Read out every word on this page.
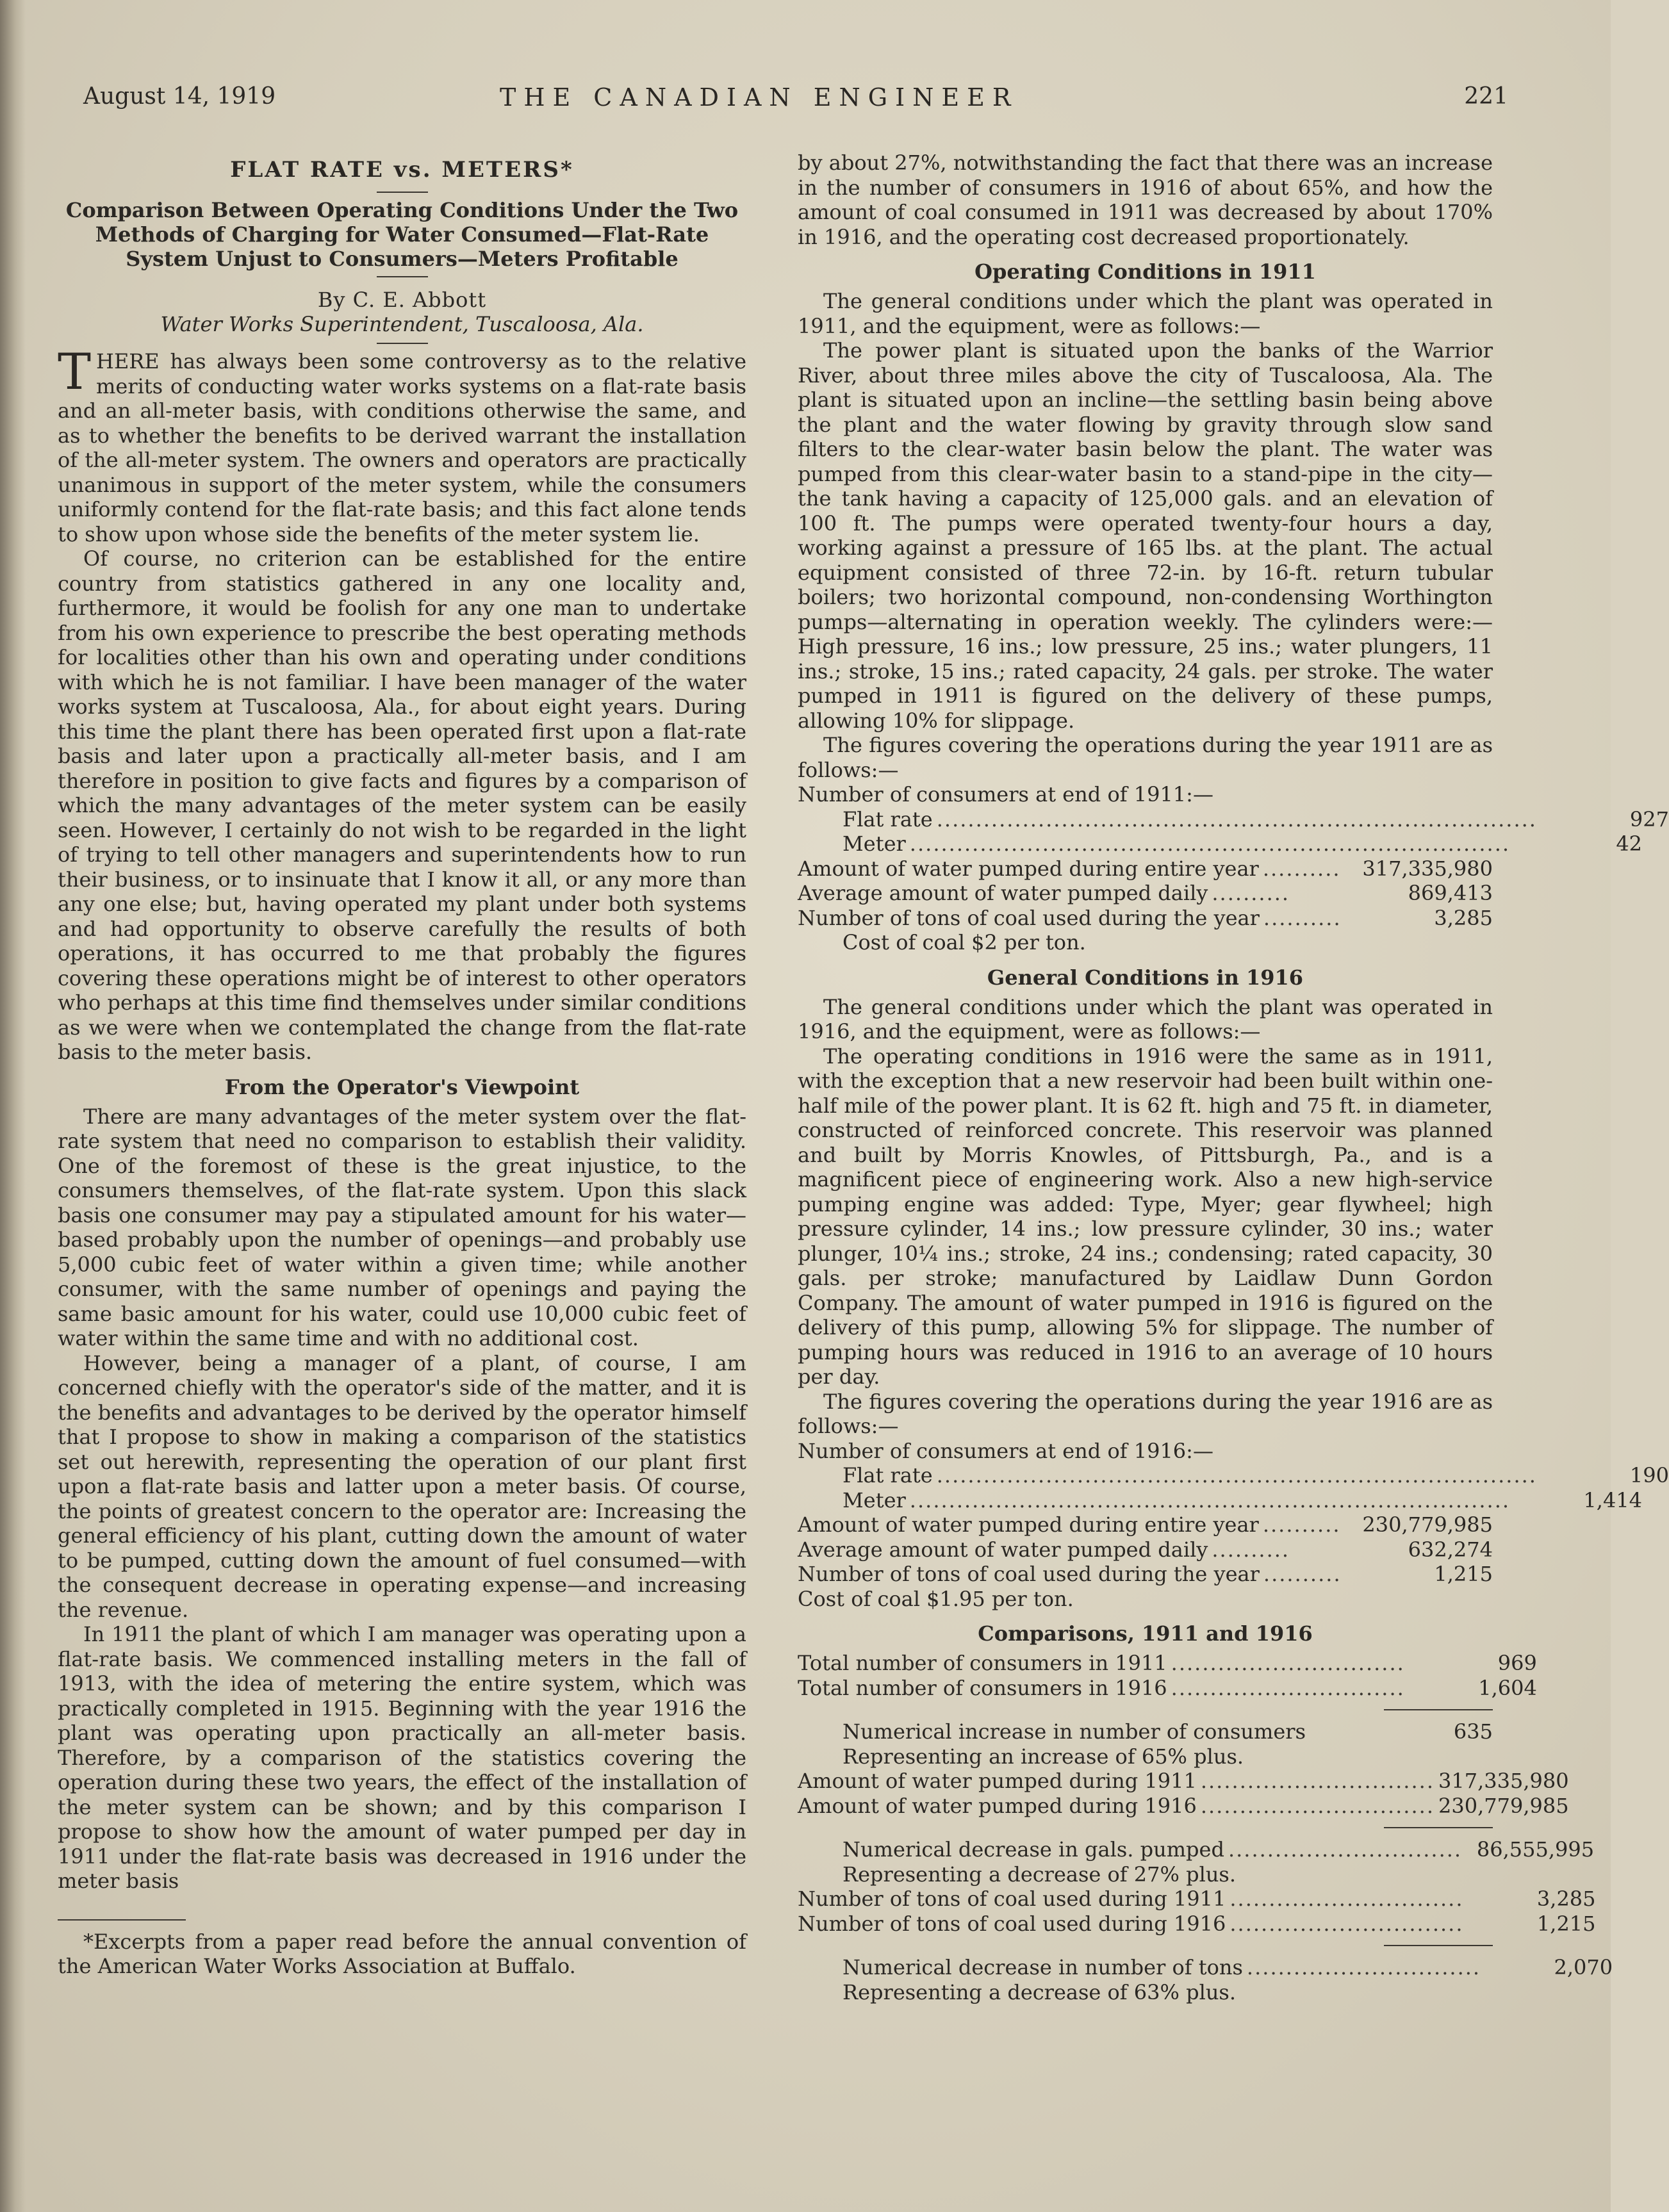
August 14, 1919	THE CANADIAN ENGINEER	221
FLAT RATE vs. METERS*
Comparison Between Operating Conditions Under the Two Methods of Charging for Water Consumed—Flat-Rate System Unjust to Consumers—Meters Profitable
By C. E. Abbott
Water Works Superintendent, Tuscaloosa, Ala.

THERE has always been some controversy as to the relative merits of conducting water works systems on a flat-rate basis and an all-meter basis, with conditions otherwise the same, and as to whether the benefits to be derived warrant the installation of the all-meter system. The owners and operators are practically unanimous in support of the meter system, while the consumers uniformly contend for the flat-rate basis; and this fact alone tends to show upon whose side the benefits of the meter system lie.

Of course, no criterion can be established for the entire country from statistics gathered in any one locality and, furthermore, it would be foolish for any one man to undertake from his own experience to prescribe the best operating methods for localities other than his own and operating under conditions with which he is not familiar. I have been manager of the water works system at Tuscaloosa, Ala., for about eight years. During this time the plant there has been operated first upon a flat-rate basis and later upon a practically all-meter basis, and I am therefore in position to give facts and figures by a comparison of which the many advantages of the meter system can be easily seen. However, I certainly do not wish to be regarded in the light of trying to tell other managers and superintendents how to run their business, or to insinuate that I know it all, or any more than any one else; but, having operated my plant under both systems and had opportunity to observe carefully the results of both operations, it has occurred to me that probably the figures covering these operations might be of interest to other operators who perhaps at this time find themselves under similar conditions as we were when we contemplated the change from the flat-rate basis to the meter basis.

From the Operator's Viewpoint

There are many advantages of the meter system over the flat-rate system that need no comparison to establish their validity. One of the foremost of these is the great injustice, to the consumers themselves, of the flat-rate system. Upon this slack basis one consumer may pay a stipulated amount for his water—based probably upon the number of openings—and probably use 5,000 cubic feet of water within a given time; while another consumer, with the same number of openings and paying the same basic amount for his water, could use 10,000 cubic feet of water within the same time and with no additional cost.

However, being a manager of a plant, of course, I am concerned chiefly with the operator's side of the matter, and it is the benefits and advantages to be derived by the operator himself that I propose to show in making a comparison of the statistics set out herewith, representing the operation of our plant first upon a flat-rate basis and latter upon a meter basis. Of course, the points of greatest concern to the operator are: Increasing the general efficiency of his plant, cutting down the amount of water to be pumped, cutting down the amount of fuel consumed—with the consequent decrease in operating expense—and increasing the revenue.

In 1911 the plant of which I am manager was operating upon a flat-rate basis. We commenced installing meters in the fall of 1913, with the idea of metering the entire system, which was practically completed in 1915. Beginning with the year 1916 the plant was operating upon practically an all-meter basis. Therefore, by a comparison of the statistics covering the operation during these two years, the effect of the installation of the meter system can be shown; and by this comparison I propose to show how the amount of water pumped per day in 1911 under the flat-rate basis was decreased in 1916 under the meter basis

*Excerpts from a paper read before the annual convention of the American Water Works Association at Buffalo.

by about 27%, notwithstanding the fact that there was an increase in the number of consumers in 1916 of about 65%, and how the amount of coal consumed in 1911 was decreased by about 170% in 1916, and the operating cost decreased proportionately.

Operating Conditions in 1911

The general conditions under which the plant was operated in 1911, and the equipment, were as follows:—

The power plant is situated upon the banks of the Warrior River, about three miles above the city of Tuscaloosa, Ala. The plant is situated upon an incline—the settling basin being above the plant and the water flowing by gravity through slow sand filters to the clear-water basin below the plant. The water was pumped from this clear-water basin to a stand-pipe in the city—the tank having a capacity of 125,000 gals. and an elevation of 100 ft. The pumps were operated twenty-four hours a day, working against a pressure of 165 lbs. at the plant. The actual equipment consisted of three 72-in. by 16-ft. return tubular boilers; two horizontal compound, non-condensing Worthington pumps—alternating in operation weekly. The cylinders were:—High pressure, 16 ins.; low pressure, 25 ins.; water plungers, 11 ins.; stroke, 15 ins.; rated capacity, 24 gals. per stroke. The water pumped in 1911 is figured on the delivery of these pumps, allowing 10% for slippage.

The figures covering the operations during the year 1911 are as follows:—

Number of consumers at end of 1911:—
Flat rate .............................................................................	927
Meter .............................................................................	42
Amount of water pumped during entire year ..........	317,335,980
Average amount of water pumped daily ..........	869,413
Number of tons of coal used during the year ..........	3,285
Cost of coal $2 per ton.
General Conditions in 1916

The general conditions under which the plant was operated in 1916, and the equipment, were as follows:—

The operating conditions in 1916 were the same as in 1911, with the exception that a new reservoir had been built within one-half mile of the power plant. It is 62 ft. high and 75 ft. in diameter, constructed of reinforced concrete. This reservoir was planned and built by Morris Knowles, of Pittsburgh, Pa., and is a magnificent piece of engineering work. Also a new high-service pumping engine was added: Type, Myer; gear flywheel; high pressure cylinder, 14 ins.; low pressure cylinder, 30 ins.; water plunger, 10¼ ins.; stroke, 24 ins.; condensing; rated capacity, 30 gals. per stroke; manufactured by Laidlaw Dunn Gordon Company. The amount of water pumped in 1916 is figured on the delivery of this pump, allowing 5% for slippage. The number of pumping hours was reduced in 1916 to an average of 10 hours per day.

The figures covering the operations during the year 1916 are as follows:—

Number of consumers at end of 1916:—
Flat rate .............................................................................	190
Meter .............................................................................	1,414
Amount of water pumped during entire year ..........	230,779,985
Average amount of water pumped daily ..........	632,274
Number of tons of coal used during the year ..........	1,215
Cost of coal $1.95 per ton.
Comparisons, 1911 and 1916
Total number of consumers in 1911 ..............................	969
Total number of consumers in 1916 ..............................	1,604
Numerical increase in number of consumers	635
Representing an increase of 65% plus.
Amount of water pumped during 1911 .............................. 317,335,980
Amount of water pumped during 1916 .............................. 230,779,985
Numerical decrease in gals. pumped .............................. 86,555,995
Representing a decrease of 27% plus.
Number of tons of coal used during 1911 ..............................	3,285
Number of tons of coal used during 1916 ..............................	1,215
Numerical decrease in number of tons ..............................	2,070
Representing a decrease of 63% plus.
